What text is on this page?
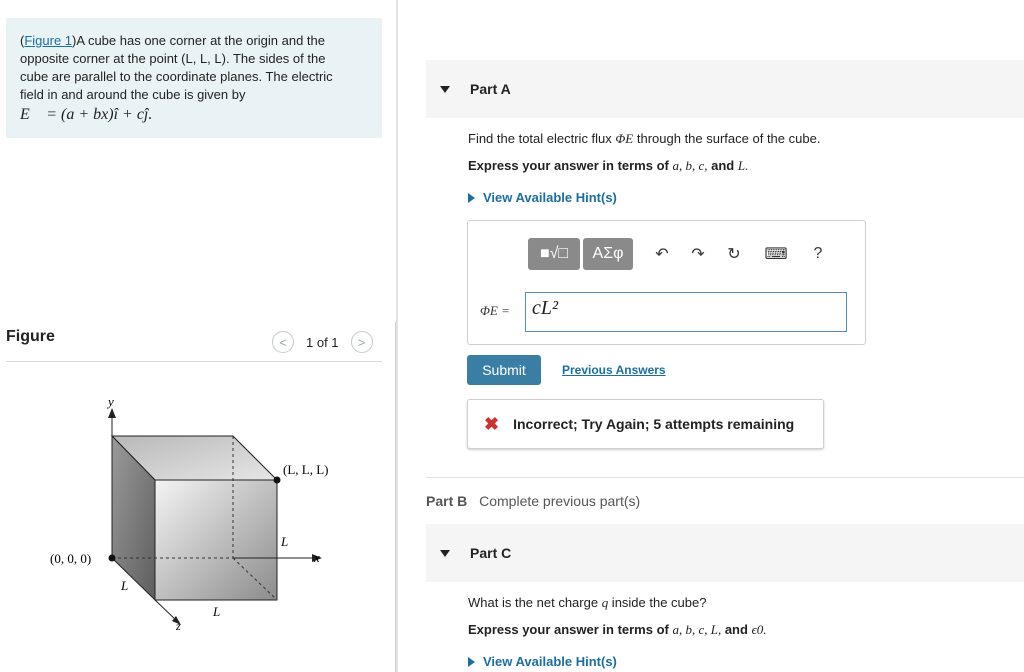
(Figure 1)A cube has one corner at the origin and the
opposite corner at the point (L, L, L). The sides of the
cube are parallel to the coordinate planes. The electric
field in and around the cube is given by
E⃗ = (a + bx)î + cĵ.
Figure	<	1 of 1	>
y
x
z
(0, 0, 0)
(L, L, L)
L
L
L
Part A
Find the total electric flux ΦE through the surface of the cube.
Express your answer in terms of a, b, c, and L.
View Available Hint(s)
■√□	ΑΣφ	↶	↷	↻	⌨	?
ΦE =	cL²
Submit	Previous Answers
✖ Incorrect; Try Again; 5 attempts remaining
Part B Complete previous part(s)
Part C
What is the net charge q inside the cube?
Express your answer in terms of a, b, c, L, and ϵ0.
View Available Hint(s)
